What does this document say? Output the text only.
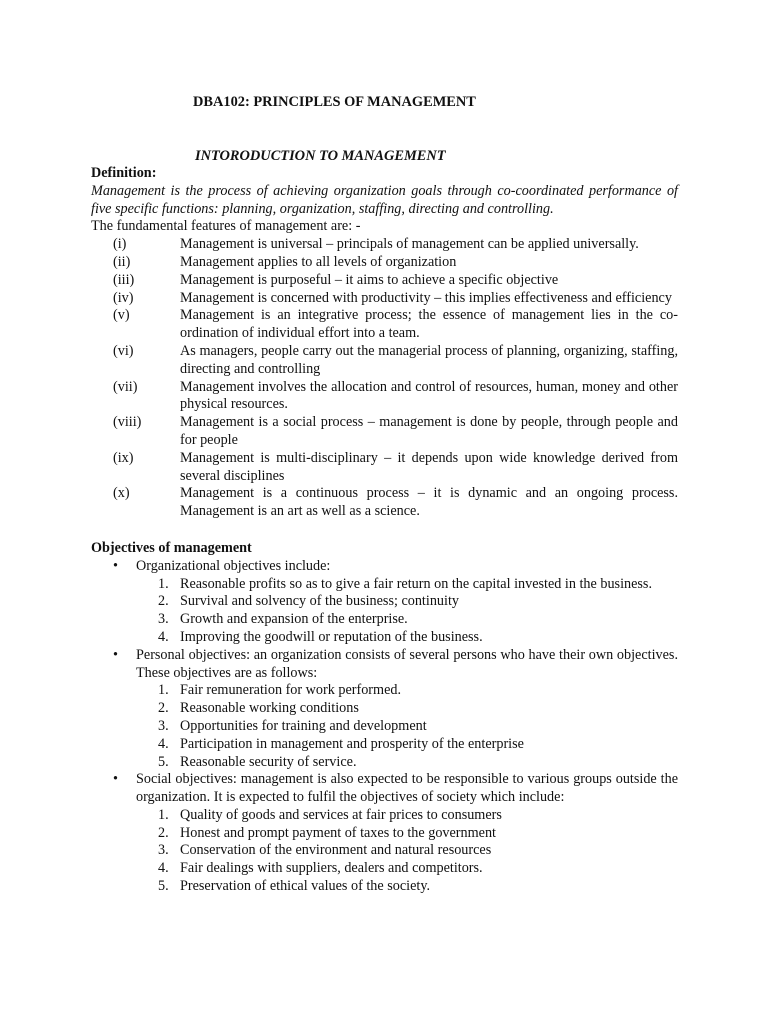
DBA102: PRINCIPLES OF MANAGEMENT
INTORODUCTION TO MANAGEMENT
Definition:
Management is the process of achieving organization goals through co-coordinated performance of five specific functions: planning, organization, staffing, directing and controlling.
The fundamental features of management are: -
(i)	Management is universal – principals of management can be applied universally.
(ii)	Management applies to all levels of organization
(iii)	Management is purposeful – it aims to achieve a specific objective
(iv)	Management is concerned with productivity – this implies effectiveness and efficiency
(v)	Management is an integrative process; the essence of management lies in the co-ordination of individual effort into a team.
(vi)	As managers, people carry out the managerial process of planning, organizing, staffing, directing and controlling
(vii)	Management involves the allocation and control of resources, human, money and other physical resources.
(viii)	Management is a social process – management is done by people, through people and for people
(ix)	Management is multi-disciplinary – it depends upon wide knowledge derived from several disciplines
(x)	Management is a continuous process – it is dynamic and an ongoing process. Management is an art as well as a science.
Objectives of management
•	Organizational objectives include:
1. Reasonable profits so as to give a fair return on the capital invested in the business.
2. Survival and solvency of the business; continuity
3. Growth and expansion of the enterprise.
4. Improving the goodwill or reputation of the business.
•	Personal objectives: an organization consists of several persons who have their own objectives. These objectives are as follows:
1. Fair remuneration for work performed.
2. Reasonable working conditions
3. Opportunities for training and development
4. Participation in management and prosperity of the enterprise
5. Reasonable security of service.
•	Social objectives: management is also expected to be responsible to various groups outside the organization. It is expected to fulfil the objectives of society which include:
1. Quality of goods and services at fair prices to consumers
2. Honest and prompt payment of taxes to the government
3. Conservation of the environment and natural resources
4. Fair dealings with suppliers, dealers and competitors.
5. Preservation of ethical values of the society.
